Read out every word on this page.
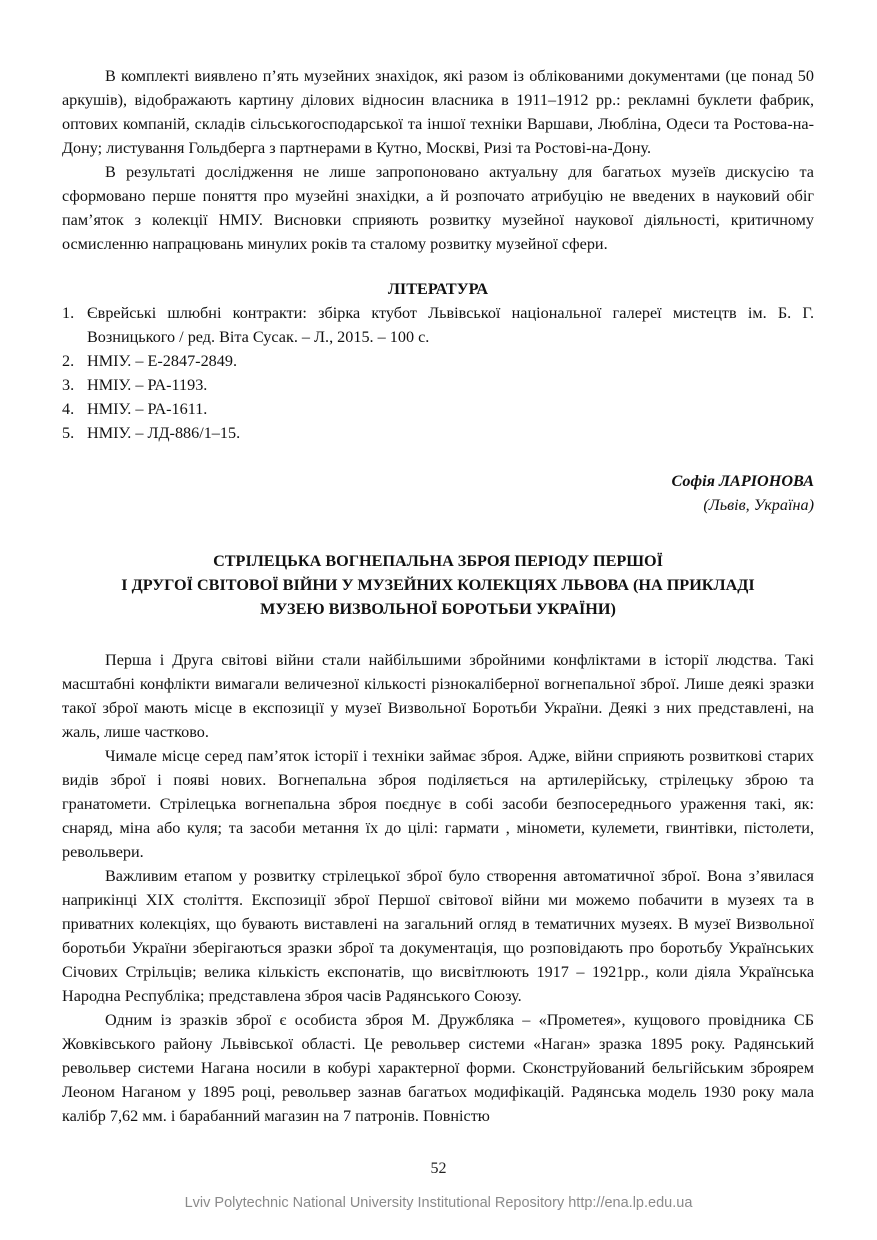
В комплекті виявлено п’ять музейних знахідок, які разом із облікованими документами (це понад 50 аркушів), відображають картину ділових відносин власника в 1911–1912 рр.: рекламні буклети фабрик, оптових компаній, складів сільськогосподарської та іншої техніки Варшави, Любліна, Одеси та Ростова-на-Дону; листування Гольдберга з партнерами в Кутно, Москві, Ризі та Ростові-на-Дону.

В результаті дослідження не лише запропоновано актуальну для багатьох музеїв дискусію та сформовано перше поняття про музейні знахідки, а й розпочато атрибуцію не введених в науковий обіг пам’яток з колекції НМІУ. Висновки сприяють розвитку музейної наукової діяльності, критичному осмисленню напрацювань минулих років та сталому розвитку музейної сфери.

ЛІТЕРАТУРА
1. Єврейські шлюбні контракти: збірка ктубот Львівської національної галереї мистецтв ім. Б. Г. Возницького / ред. Віта Сусак. – Л., 2015. – 100 с.
2. НМІУ. – Е-2847-2849.
3. НМІУ. – РА-1193.
4. НМІУ. – РА-1611.
5. НМІУ. – ЛД-886/1–15.
Софія ЛАРІОНОВА
(Львів, Україна)
СТРІЛЕЦЬКА ВОГНЕПАЛЬНА ЗБРОЯ ПЕРІОДУ ПЕРШОЇ
І ДРУГОЇ СВІТОВОЇ ВІЙНИ У МУЗЕЙНИХ КОЛЕКЦІЯХ ЛЬВОВА (НА ПРИКЛАДІ
МУЗЕЮ ВИЗВОЛЬНОЇ БОРОТЬБИ УКРАЇНИ)

Перша і Друга світові війни стали найбільшими збройними конфліктами в історії людства. Такі масштабні конфлікти вимагали величезної кількості різнокаліберної вогнепальної зброї. Лише деякі зразки такої зброї мають місце в експозиції у музеї Визвольної Боротьби України. Деякі з них представлені, на жаль, лише частково.

Чимале місце серед пам’яток історії і техніки займає зброя. Адже, війни сприяють розвиткові старих видів зброї і появі нових. Вогнепальна зброя поділяється на артилерійську, стрілецьку зброю та гранатомети. Стрілецька вогнепальна зброя поєднує в собі засоби безпосереднього ураження такі, як: снаряд, міна або куля; та засоби метання їх до цілі: гармати , міномети, кулемети, гвинтівки, пістолети, револьвери.

Важливим етапом у розвитку стрілецької зброї було створення автоматичної зброї. Вона з’явилася наприкінці XIX століття. Експозиції зброї Першої світової війни ми можемо побачити в музеях та в приватних колекціях, що бувають виставлені на загальний огляд в тематичних музеях. В музеї Визвольної боротьби України зберігаються зразки зброї та документація, що розповідають про боротьбу Українських Січових Стрільців; велика кількість експонатів, що висвітлюють 1917 – 1921рр., коли діяла Українська Народна Республіка; представлена зброя часів Радянського Союзу.

Одним із зразків зброї є особиста зброя М. Дружбляка – «Прометея», кущового провідника СБ Жовківського району Львівської області. Це револьвер системи «Наган» зразка 1895 року. Радянський револьвер системи Нагана носили в кобурі характерної форми. Сконструйований бельгійським зброярем Леоном Наганом у 1895 році, револьвер зазнав багатьох модифікацій. Радянська модель 1930 року мала калібр 7,62 мм. і барабанний магазин на 7 патронів. Повністю

52
Lviv Polytechnic National University Institutional Repository http://ena.lp.edu.ua
